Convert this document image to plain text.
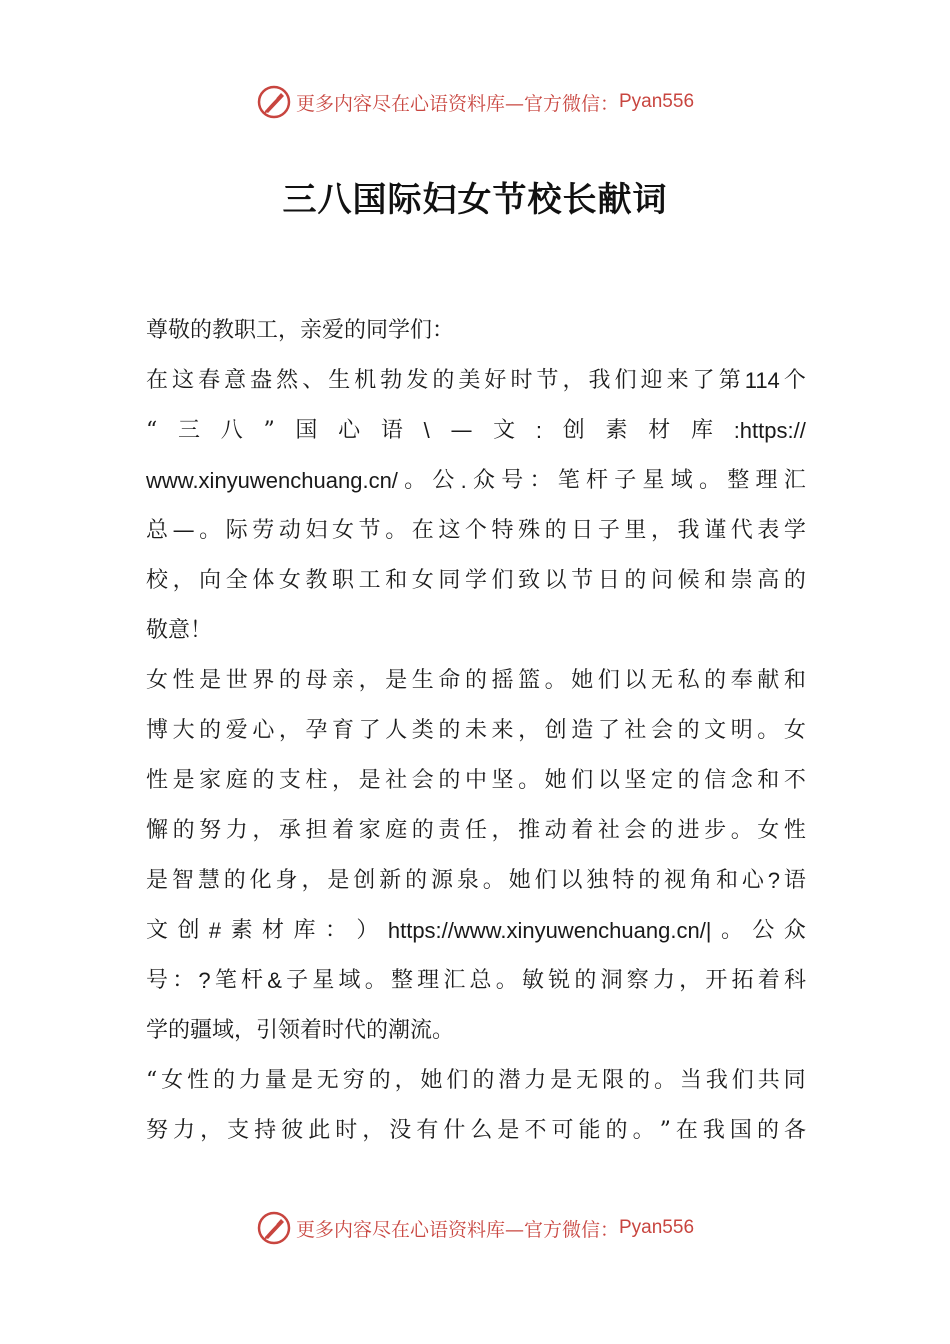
更多内容尽在心语资料库—官方微信： Pyan556
三八国际妇女节校长献词
尊敬的教职工，亲爱的同学们：
在 这 春 意 盎 然 、 生 机 勃 发 的 美 好 时 节 ， 我 们 迎 来 了 第 114 个
“ 三 八 ” 国 心 语 \ — 文 : 创 素 材 库 :https://
www.xinyuwenchuang.cn/ 。 公 . 众 号 ： 笔 杆 子 星 域 。 整 理 汇
总 — 。 际 劳 动 妇 女 节 。 在 这 个 特 殊 的 日 子 里 ， 我 谨 代 表 学
校 ， 向 全 体 女 教 职 工 和 女 同 学 们 致 以 节 日 的 问 候 和 崇 高 的
敬意！
女 性 是 世 界 的 母 亲 ， 是 生 命 的 摇 篮 。 她 们 以 无 私 的 奉 献 和
博 大 的 爱 心 ， 孕 育 了 人 类 的 未 来 ， 创 造 了 社 会 的 文 明 。 女
性 是 家 庭 的 支 柱 ， 是 社 会 的 中 坚 。 她 们 以 坚 定 的 信 念 和 不
懈 的 努 力 ， 承 担 着 家 庭 的 责 任 ， 推 动 着 社 会 的 进 步 。 女 性
是 智 慧 的 化 身 ， 是 创 新 的 源 泉 。 她 们 以 独 特 的 视 角 和 心 ? 语
文 创 # 素 材 库 ： ） https://www.xinyuwenchuang.cn/| 。 公 众
号 ： ? 笔 杆 & 子 星 域 。 整 理 汇 总 。 敏 锐 的 洞 察 力 ， 开 拓 着 科
学的疆域，引领着时代的潮流。
“ 女 性 的 力 量 是 无 穷 的 ， 她 们 的 潜 力 是 无 限 的 。 当 我 们 共 同
努 力 ， 支 持 彼 此 时 ， 没 有 什 么 是 不 可 能 的 。 ” 在 我 国 的 各
更多内容尽在心语资料库—官方微信： Pyan556
